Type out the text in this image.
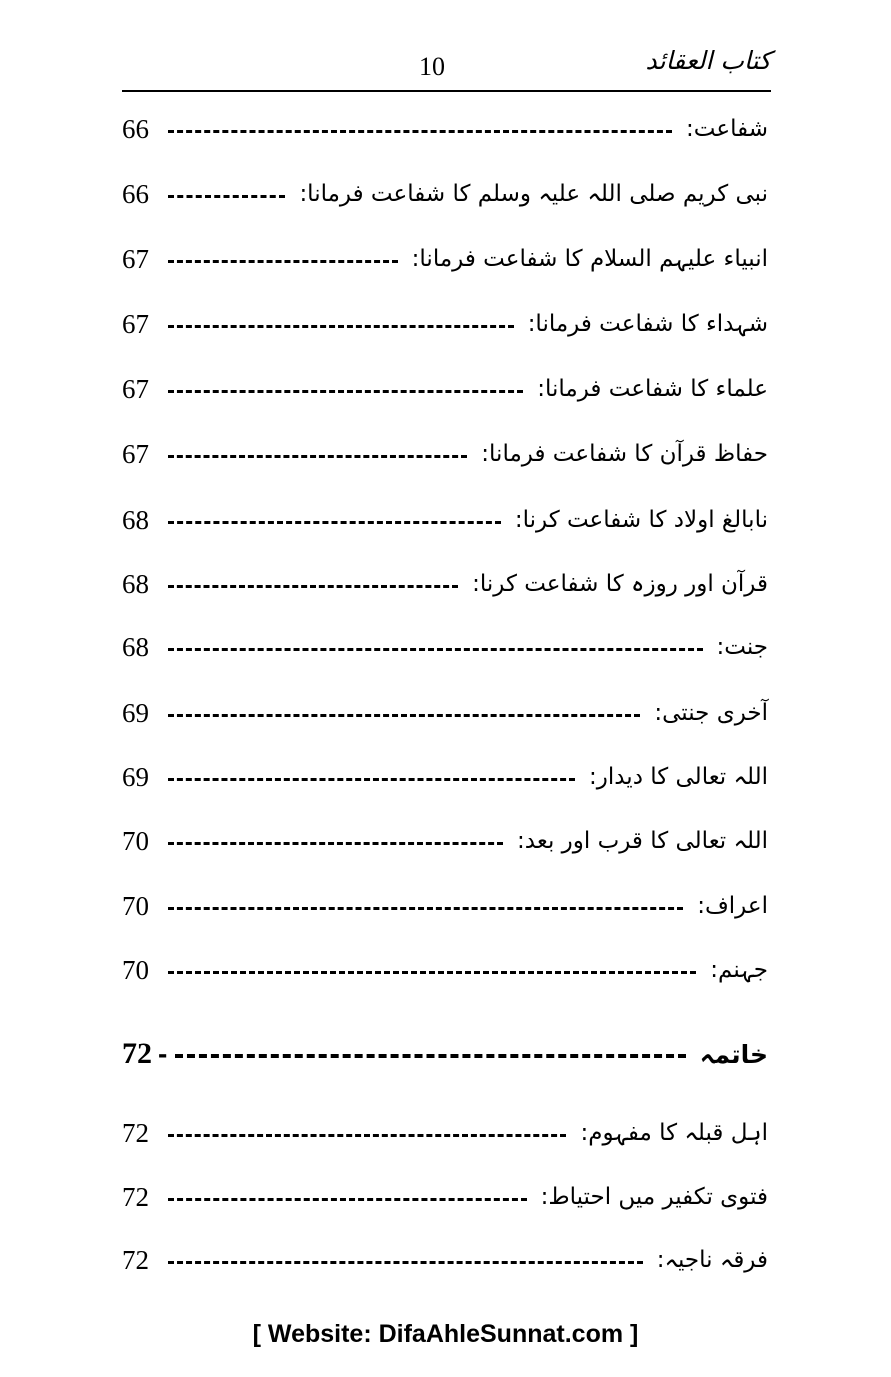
10	کتاب العقائد
شفاعت:
66
نبی کریم صلی اللہ علیہ وسلم کا شفاعت فرمانا:
66
انبیاء علیہم السلام کا شفاعت فرمانا:
67
شہداء کا شفاعت فرمانا:
67
علماء کا شفاعت فرمانا:
67
حفاظ قرآن کا شفاعت فرمانا:
67
نابالغ اولاد کا شفاعت کرنا:
68
قرآن اور روزہ کا شفاعت کرنا:
68
جنت:
68
آخری جنتی:
69
اللہ تعالی کا دیدار:
69
اللہ تعالی کا قرب اور بعد:
70
اعراف:
70
جہنم:
70
خاتمہ
-
72
اہل قبلہ کا مفہوم:
72
فتوی تکفیر میں احتیاط:
72
فرقہ ناجیہ:
72
[ Website: DifaAhleSunnat.com ]
